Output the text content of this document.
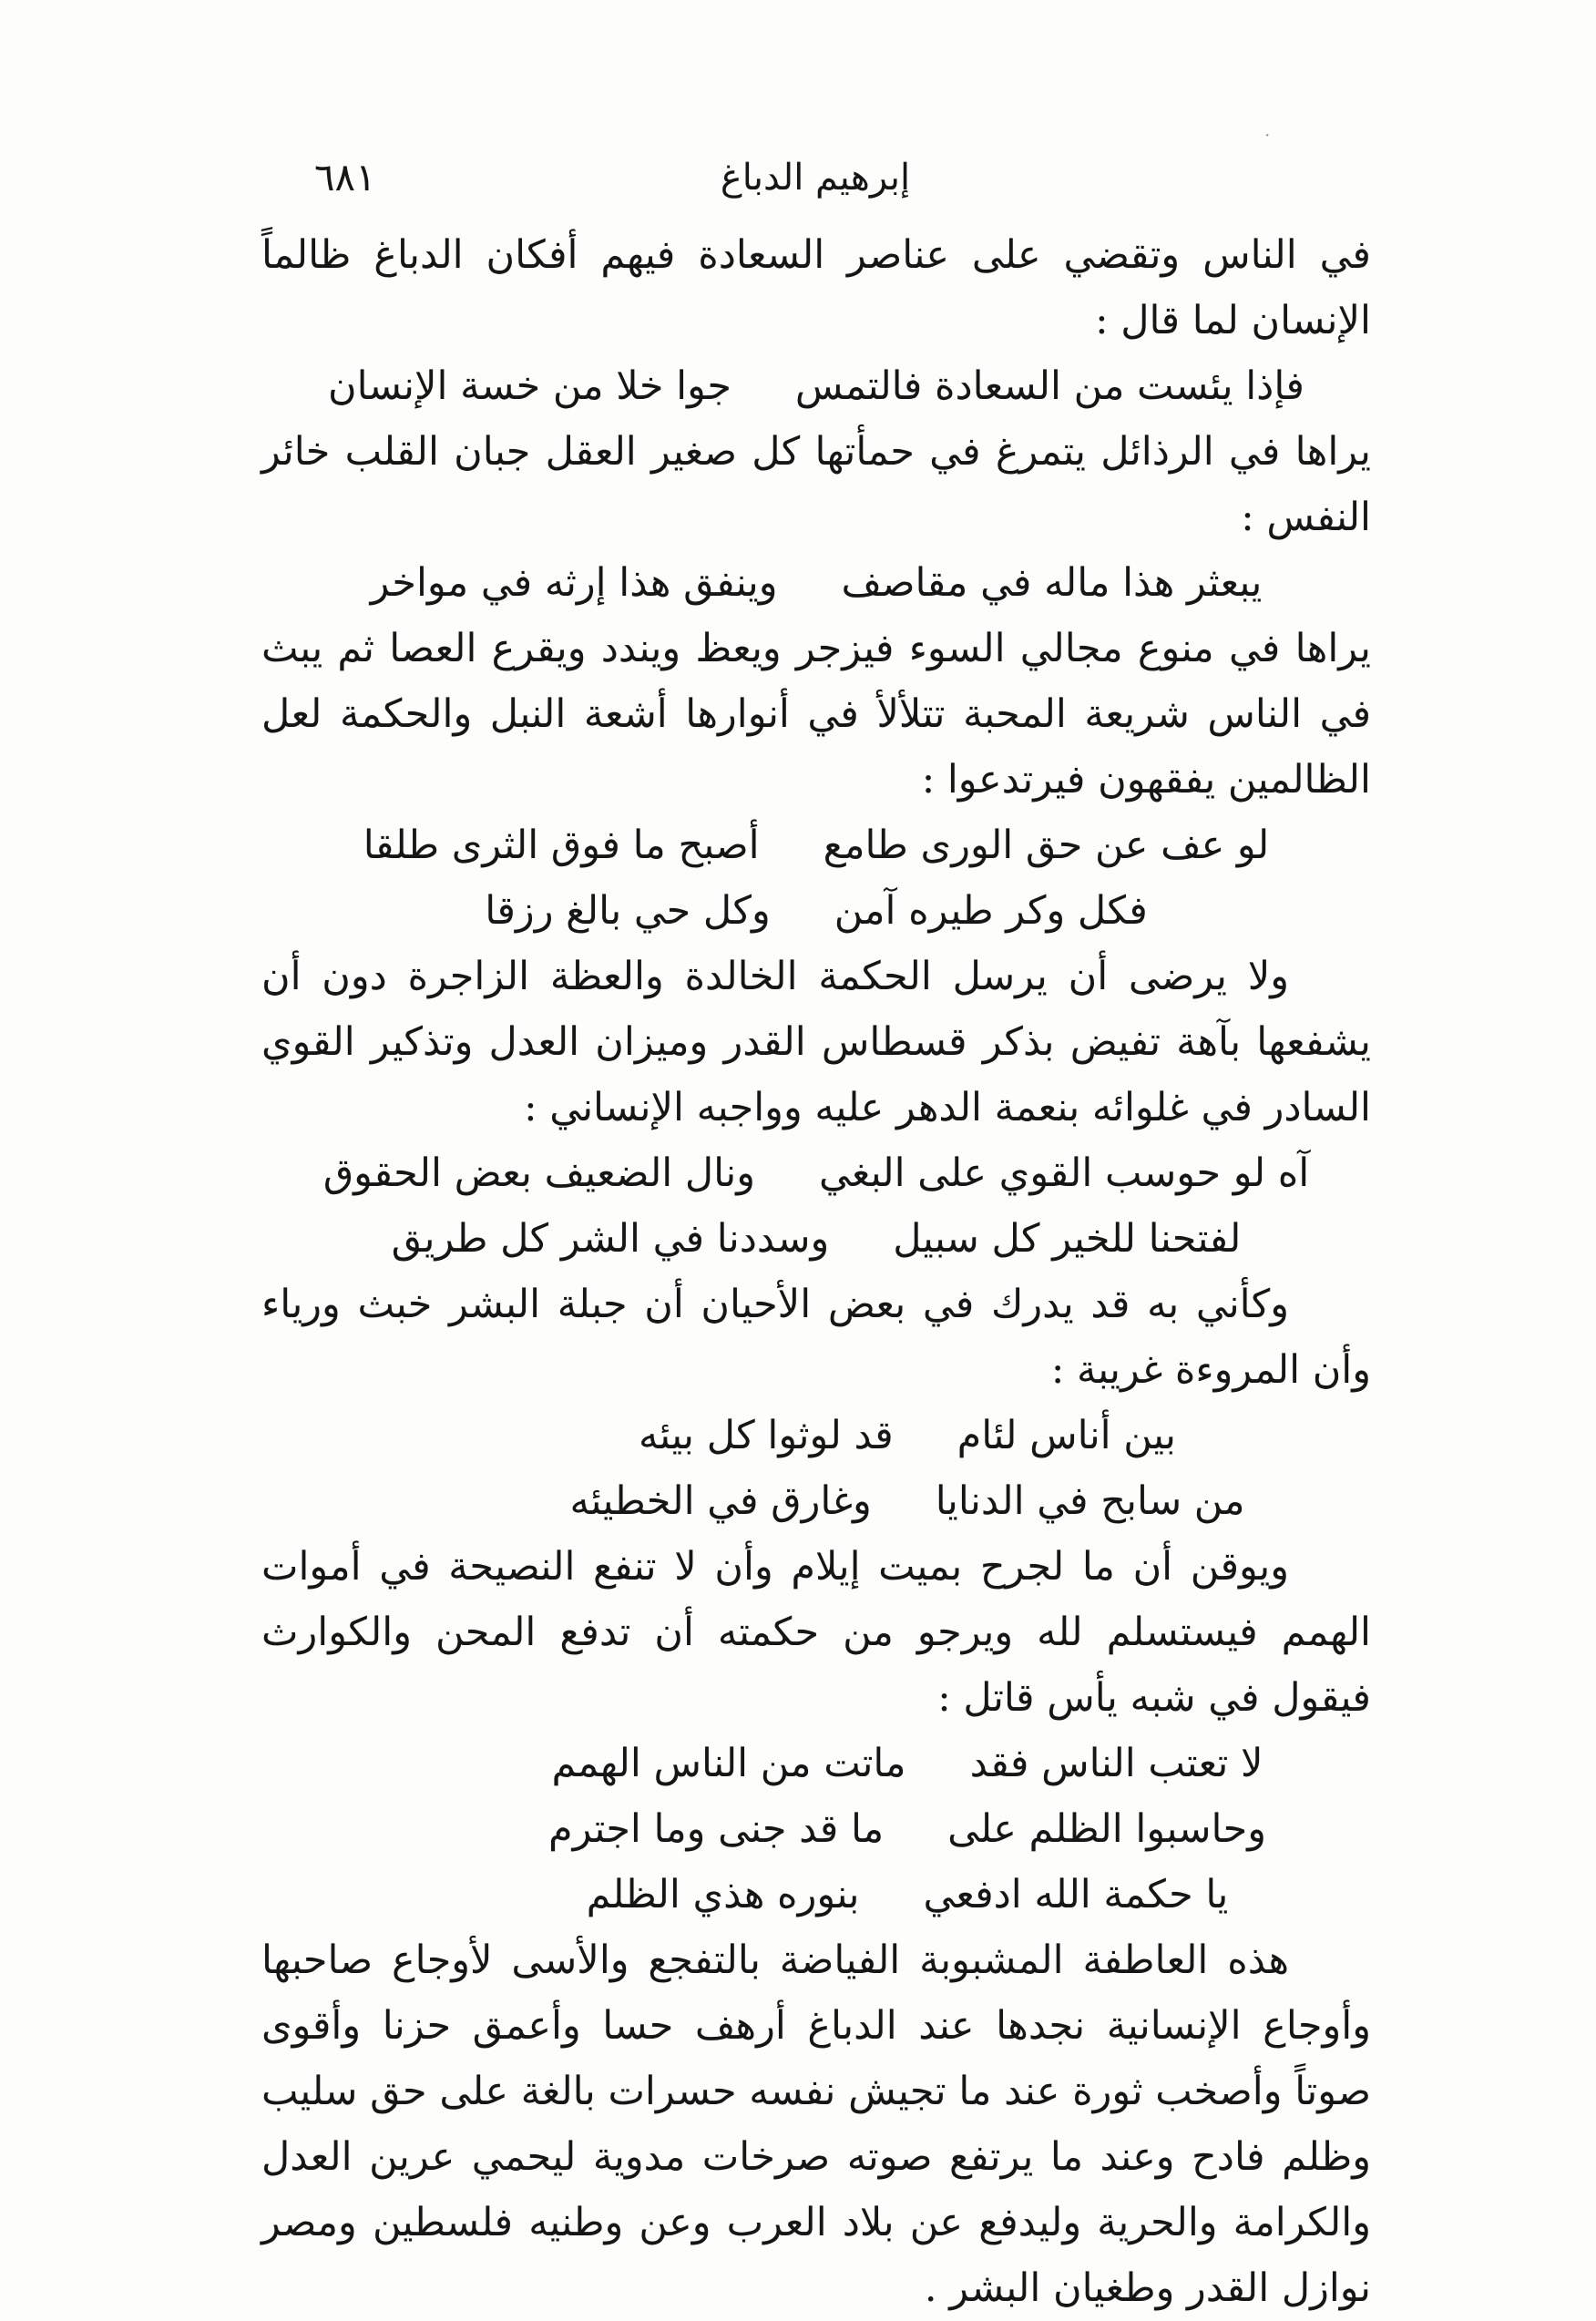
إبرهيم الدباغ
٦٨١

في الناس وتقضي على عناصر السعادة فيهم أفكان الدباغ ظالماً الإنسان لما قال :

فإذا يئست من السعادة فالتمس
جوا خلا من خسة الإنسان

يراها في الرذائل يتمرغ في حمأتها كل صغير العقل جبان القلب خائر النفس :

يبعثر هذا ماله في مقاصف
وينفق هذا إرثه في مواخر

يراها في منوع مجالي السوء فيزجر ويعظ ويندد ويقرع العصا ثم يبث في الناس شريعة المحبة تتلألأ في أنوارها أشعة النبل والحكمة لعل الظالمين يفقهون فيرتدعوا :

لو عف عن حق الورى طامع
أصبح ما فوق الثرى طلقا
فكل وكر طيره آمن
وكل حي بالغ رزقا

ولا يرضى أن يرسل الحكمة الخالدة والعظة الزاجرة دون أن يشفعها بآهة تفيض بذكر قسطاس القدر وميزان العدل وتذكير القوي السادر في غلوائه بنعمة الدهر عليه وواجبه الإنساني :

آه لو حوسب القوي على البغي
ونال الضعيف بعض الحقوق
لفتحنا للخير كل سبيل
وسددنا في الشر كل طريق

وكأني به قد يدرك في بعض الأحيان أن جبلة البشر خبث ورياء وأن المروءة غريبة :

بين أناس لئام
قد لوثوا كل بيئه
من سابح في الدنايا
وغارق في الخطيئه

ويوقن أن ما لجرح بميت إيلام وأن لا تنفع النصيحة في أموات الهمم فيستسلم لله ويرجو من حكمته أن تدفع المحن والكوارث فيقول في شبه يأس قاتل :

لا تعتب الناس فقد
ماتت من الناس الهمم
وحاسبوا الظلم على
ما قد جنى وما اجترم
يا حكمة الله ادفعي
بنوره هذي الظلم

هذه العاطفة المشبوبة الفياضة بالتفجع والأسى لأوجاع صاحبها وأوجاع الإنسانية نجدها عند الدباغ أرهف حسا وأعمق حزنا وأقوى صوتاً وأصخب ثورة عند ما تجيش نفسه حسرات بالغة على حق سليب وظلم فادح وعند ما يرتفع صوته صرخات مدوية ليحمي عرين العدل والكرامة والحرية وليدفع عن بلاد العرب وعن وطنيه فلسطين ومصر نوازل القدر وطغيان البشر .

·
